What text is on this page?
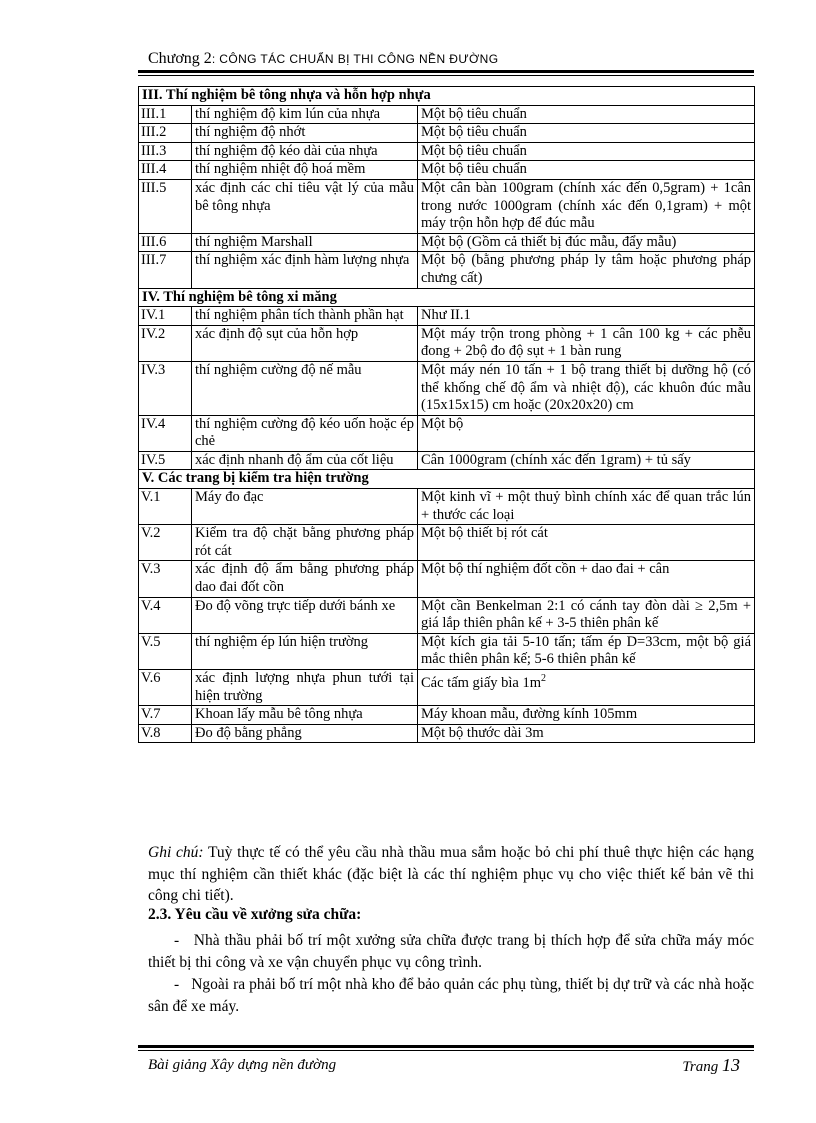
Chương 2: CÔNG TÁC CHUẨN BỊ THI CÔNG NỀN ĐƯỜNG
III. Thí nghiệm bê tông nhựa và hỗn hợp nhựa		
III.1	thí nghiệm độ kim lún của nhựa	Một bộ tiêu chuẩn
III.2	thí nghiệm độ nhớt	Một bộ tiêu chuẩn
III.3	thí nghiệm độ kéo dài của nhựa	Một bộ tiêu chuẩn
III.4	thí nghiệm nhiệt độ hoá mềm	Một bộ tiêu chuẩn
III.5	xác định các chỉ tiêu vật lý của mẫu bê tông nhựa	Một cân bàn 100gram (chính xác đến 0,5gram) + 1cân trong nước 1000gram (chính xác đến 0,1gram) + một máy trộn hỗn hợp để đúc mẫu
III.6	thí nghiệm Marshall	Một bộ (Gồm cả thiết bị đúc mẫu, đẩy mẫu)
III.7	thí nghiệm xác định hàm lượng nhựa	Một bộ (bằng phương pháp ly tâm hoặc phương pháp chưng cất)
IV. Thí nghiệm bê tông xi măng		
IV.1	thí nghiệm phân tích thành phần hạt	Như II.1
IV.2	xác định độ sụt của hỗn hợp	Một máy trộn trong phòng + 1 cân 100 kg + các phễu đong + 2bộ đo độ sụt + 1 bàn rung
IV.3	thí nghiệm cường độ nế mẫu	Một máy nén 10 tấn + 1 bộ trang thiết bị dưỡng hộ (có thể khống chế độ ẩm và nhiệt độ), các khuôn đúc mẫu (15x15x15) cm hoặc (20x20x20) cm
IV.4	thí nghiệm cường độ kéo uốn hoặc ép chẻ	Một bộ
IV.5	xác định nhanh độ ẩm của cốt liệu	Cân 1000gram (chính xác đến 1gram) + tủ sấy
V. Các trang bị kiểm tra hiện trường		
V.1	Máy đo đạc	Một kinh vĩ + một thuỷ bình chính xác để quan trắc lún + thước các loại
V.2	Kiểm tra độ chặt bằng phương pháp rót cát	Một bộ thiết bị rót cát
V.3	xác định độ ẩm bằng phương pháp dao đai đốt cồn	Một bộ thí nghiệm đốt cồn + dao đai + cân
V.4	Đo độ võng trực tiếp dưới bánh xe	Một cần Benkelman 2:1 có cánh tay đòn dài ≥ 2,5m + giá lắp thiên phân kế + 3-5 thiên phân kế
V.5	thí nghiệm ép lún hiện trường	Một kích gia tải 5-10 tấn; tấm ép D=33cm, một bộ giá mắc thiên phân kế; 5-6 thiên phân kế
V.6	xác định lượng nhựa phun tưới tại hiện trường	Các tấm giấy bìa $1m^2$
V.7	Khoan lấy mẫu bê tông nhựa	Máy khoan mẫu, đường kính 105mm
V.8	Đo độ bằng phẳng	Một bộ thước dài 3m
Ghi chú: Tuỳ thực tế có thể yêu cầu nhà thầu mua sắm hoặc bỏ chi phí thuê thực hiện các hạng mục thí nghiệm cần thiết khác (đặc biệt là các thí nghiệm phục vụ cho việc thiết kế bản vẽ thi công chi tiết).
2.3. Yêu cầu về xưởng sửa chữa:
- Nhà thầu phải bố trí một xưởng sửa chữa được trang bị thích hợp để sửa chữa máy móc thiết bị thi công và xe vận chuyển phục vụ công trình.
- Ngoài ra phải bố trí một nhà kho để bảo quản các phụ tùng, thiết bị dự trữ và các nhà hoặc sân để xe máy.
Bài giảng Xây dựng nền đường	Trang 13
